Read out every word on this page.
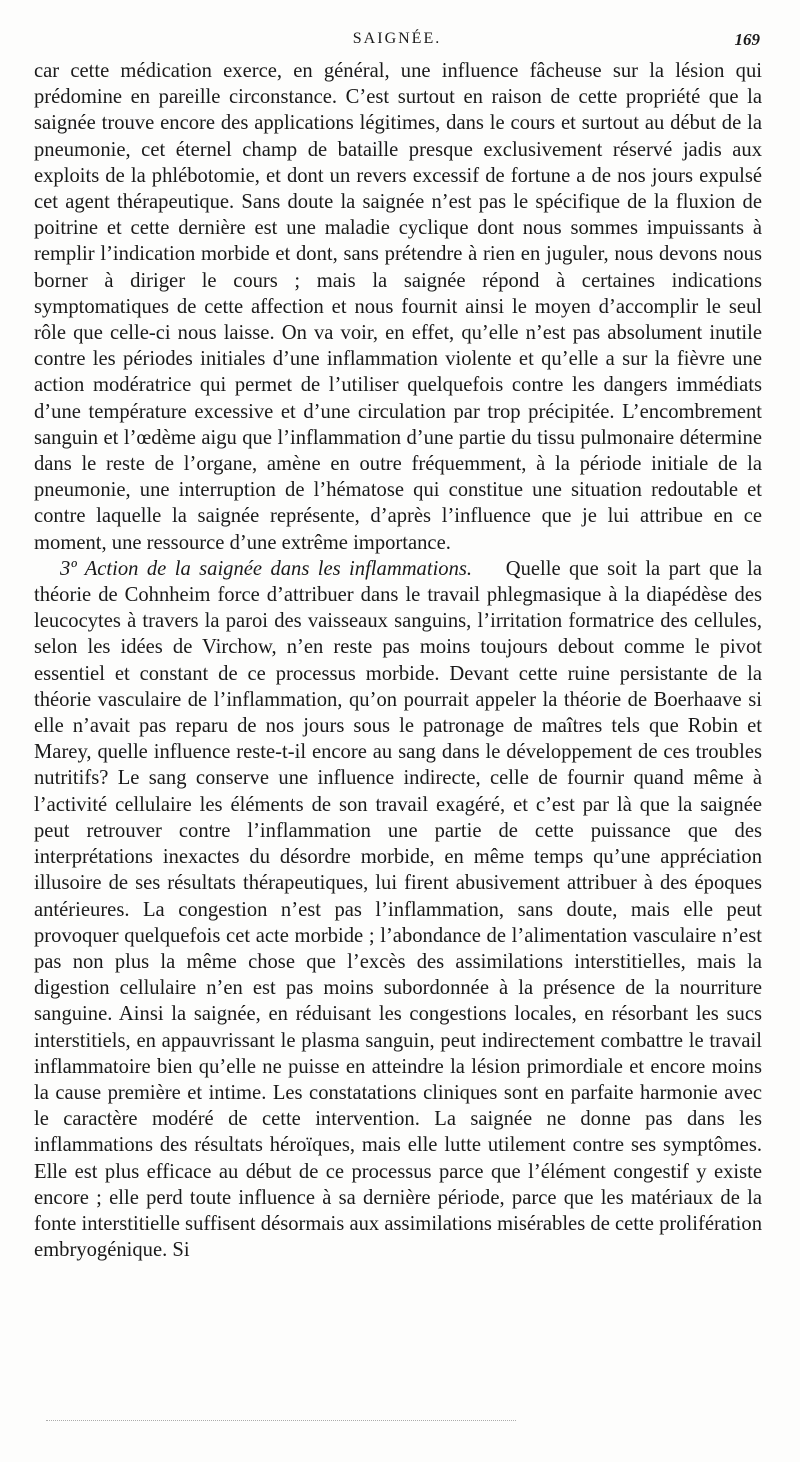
SAIGNÉE.	169

car cette médication exerce, en général, une influence fâcheuse sur la lésion qui prédomine en pareille circonstance. C’est surtout en raison de cette propriété que la saignée trouve encore des applications légitimes, dans le cours et surtout au début de la pneumonie, cet éternel champ de bataille presque exclusivement réservé jadis aux exploits de la phlébotomie, et dont un revers excessif de fortune a de nos jours expulsé cet agent thérapeutique. Sans doute la saignée n’est pas le spécifique de la fluxion de poitrine et cette dernière est une maladie cyclique dont nous sommes impuissants à remplir l’indication morbide et dont, sans prétendre à rien en juguler, nous devons nous borner à diriger le cours ; mais la saignée répond à certaines indications symptomatiques de cette affection et nous fournit ainsi le moyen d’accomplir le seul rôle que celle-ci nous laisse. On va voir, en effet, qu’elle n’est pas absolument inutile contre les périodes initiales d’une inflammation violente et qu’elle a sur la fièvre une action modératrice qui permet de l’utiliser quelquefois contre les dangers immédiats d’une température excessive et d’une circulation par trop précipitée. L’encombrement sanguin et l’œdème aigu que l’inflammation d’une partie du tissu pulmonaire détermine dans le reste de l’organe, amène en outre fréquemment, à la période initiale de la pneumonie, une interruption de l’hématose qui constitue une situation redoutable et contre laquelle la saignée représente, d’après l’influence que je lui attribue en ce moment, une ressource d’une extrême importance.

3º Action de la saignée dans les inflammations. Quelle que soit la part que la théorie de Cohnheim force d’attribuer dans le travail phlegmasique à la diapédèse des leucocytes à travers la paroi des vaisseaux sanguins, l’irritation formatrice des cellules, selon les idées de Virchow, n’en reste pas moins toujours debout comme le pivot essentiel et constant de ce processus morbide. Devant cette ruine persistante de la théorie vasculaire de l’inflammation, qu’on pourrait appeler la théorie de Boerhaave si elle n’avait pas reparu de nos jours sous le patronage de maîtres tels que Robin et Marey, quelle influence reste-t-il encore au sang dans le développement de ces troubles nutritifs? Le sang conserve une influence indirecte, celle de fournir quand même à l’activité cellulaire les éléments de son travail exagéré, et c’est par là que la saignée peut retrouver contre l’inflammation une partie de cette puissance que des interprétations inexactes du désordre morbide, en même temps qu’une appréciation illusoire de ses résultats thérapeutiques, lui firent abusivement attribuer à des époques antérieures. La congestion n’est pas l’inflammation, sans doute, mais elle peut provoquer quelquefois cet acte morbide ; l’abondance de l’alimentation vasculaire n’est pas non plus la même chose que l’excès des assimilations interstitielles, mais la digestion cellulaire n’en est pas moins subordonnée à la présence de la nourriture sanguine. Ainsi la saignée, en réduisant les congestions locales, en résorbant les sucs interstitiels, en appauvrissant le plasma sanguin, peut indirectement combattre le travail inflammatoire bien qu’elle ne puisse en atteindre la lésion primordiale et encore moins la cause première et intime. Les constatations cliniques sont en parfaite harmonie avec le caractère modéré de cette intervention. La saignée ne donne pas dans les inflammations des résultats héroïques, mais elle lutte utilement contre ses symptômes. Elle est plus efficace au début de ce processus parce que l’élément congestif y existe encore ; elle perd toute influence à sa dernière période, parce que les matériaux de la fonte interstitielle suffisent désormais aux assimilations misérables de cette prolifération embryogénique. Si
